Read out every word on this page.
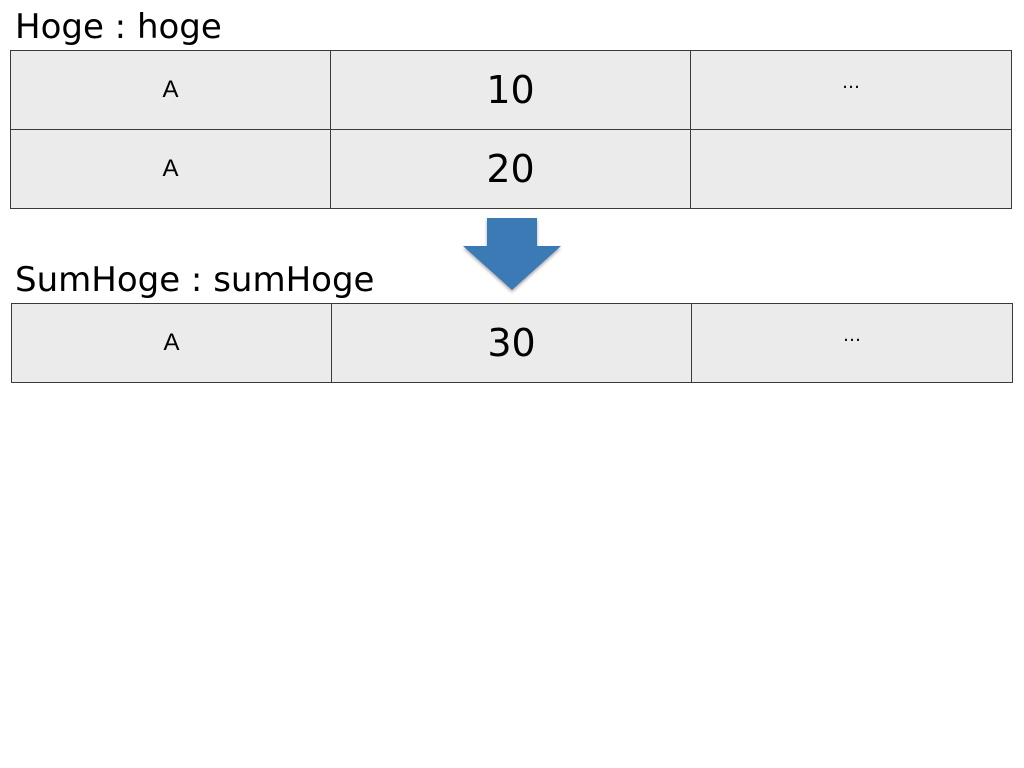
Hoge : hoge
A	10	…
A	20	
SumHoge : sumHoge
A	30	…
